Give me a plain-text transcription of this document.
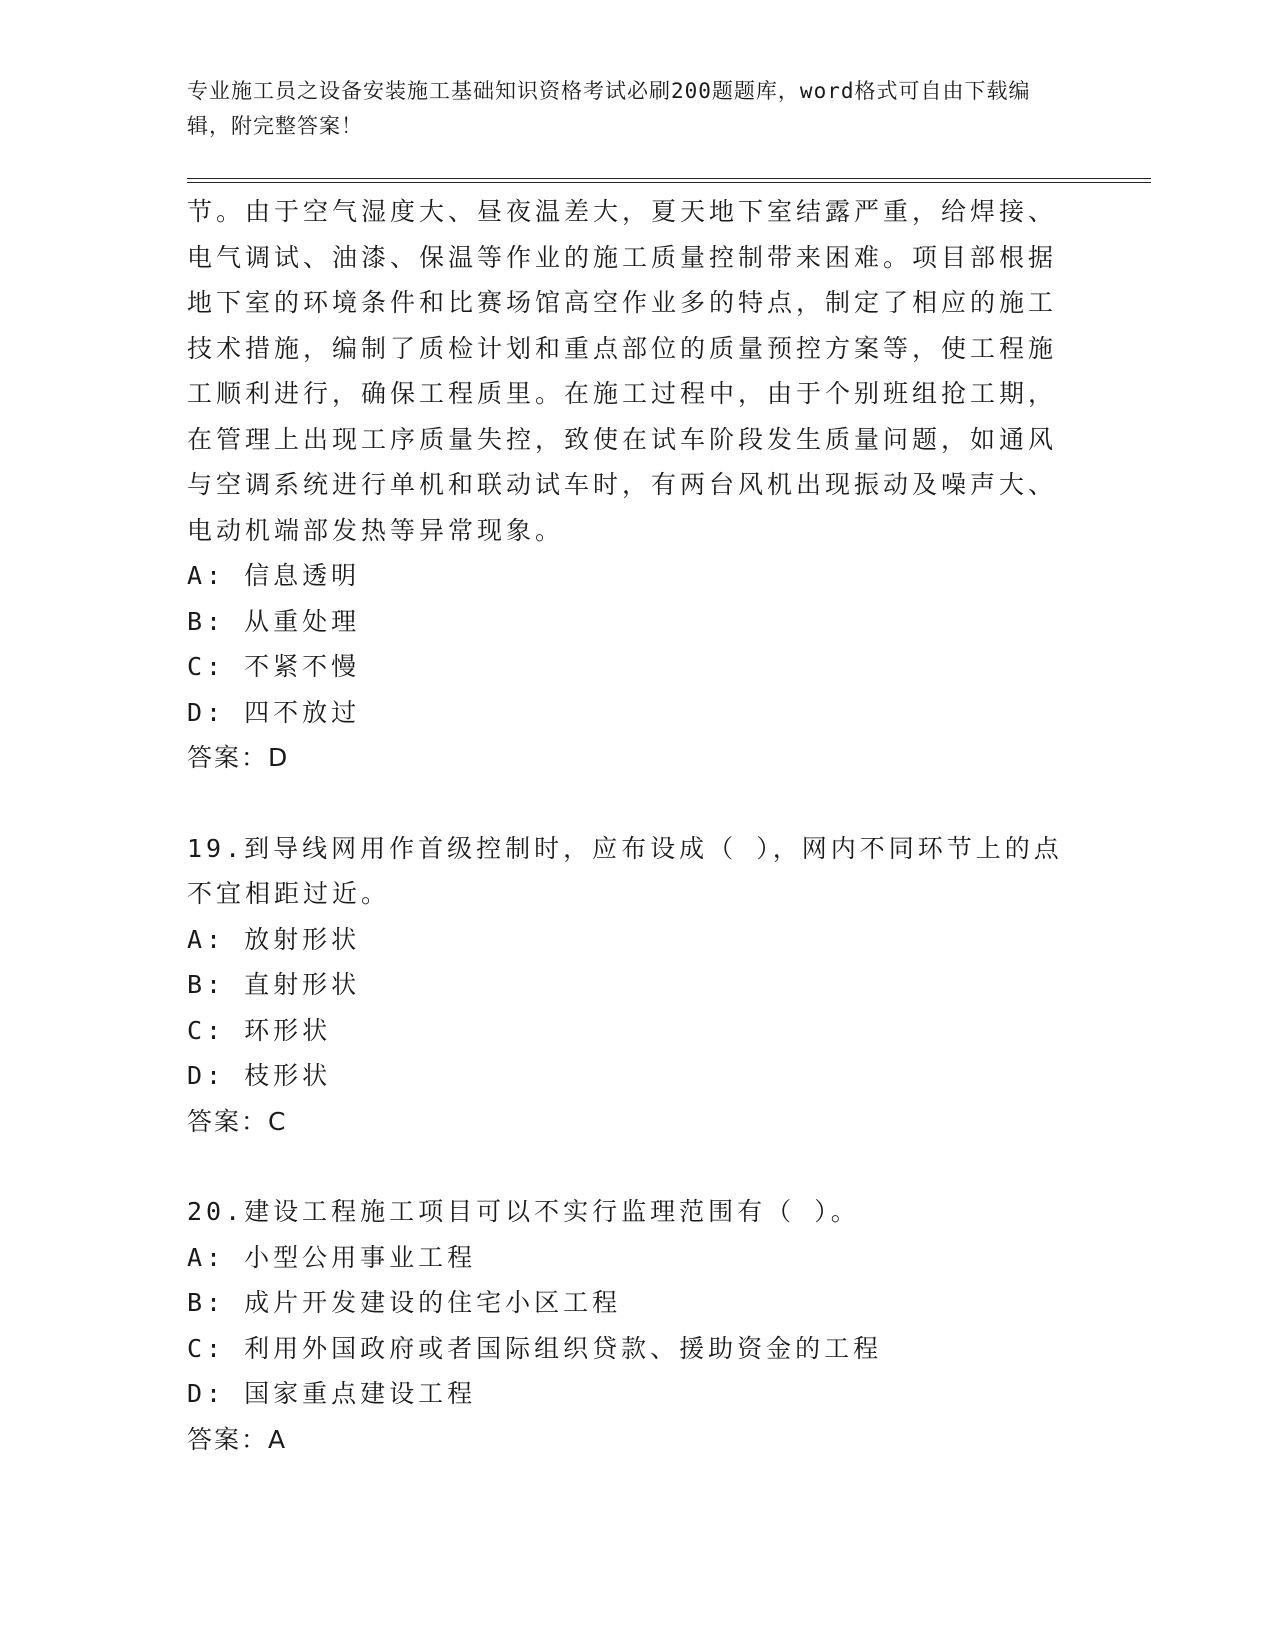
专业施工员之设备安装施工基础知识资格考试必刷200题题库，word格式可自由下载编辑，附完整答案！

节。由于空气湿度大、昼夜温差大，夏天地下室结露严重，给焊接、

电气调试、油漆、保温等作业的施工质量控制带来困难。项目部根据

地下室的环境条件和比赛场馆高空作业多的特点，制定了相应的施工

技术措施，编制了质检计划和重点部位的质量预控方案等，使工程施

工顺利进行，确保工程质里。在施工过程中，由于个别班组抢工期，

在管理上出现工序质量失控，致使在试车阶段发生质量问题，如通风

与空调系统进行单机和联动试车时，有两台风机出现振动及噪声大、

电动机端部发热等异常现象。

A: 信息透明

B: 从重处理

C: 不紧不慢

D: 四不放过

答案：D

19.到导线网用作首级控制时，应布设成（ ），网内不同环节上的点

不宜相距过近。

A: 放射形状

B: 直射形状

C: 环形状

D: 枝形状

答案：C

20.建设工程施工项目可以不实行监理范围有（ ）。

A: 小型公用事业工程

B: 成片开发建设的住宅小区工程

C: 利用外国政府或者国际组织贷款、援助资金的工程

D: 国家重点建设工程

答案：A
